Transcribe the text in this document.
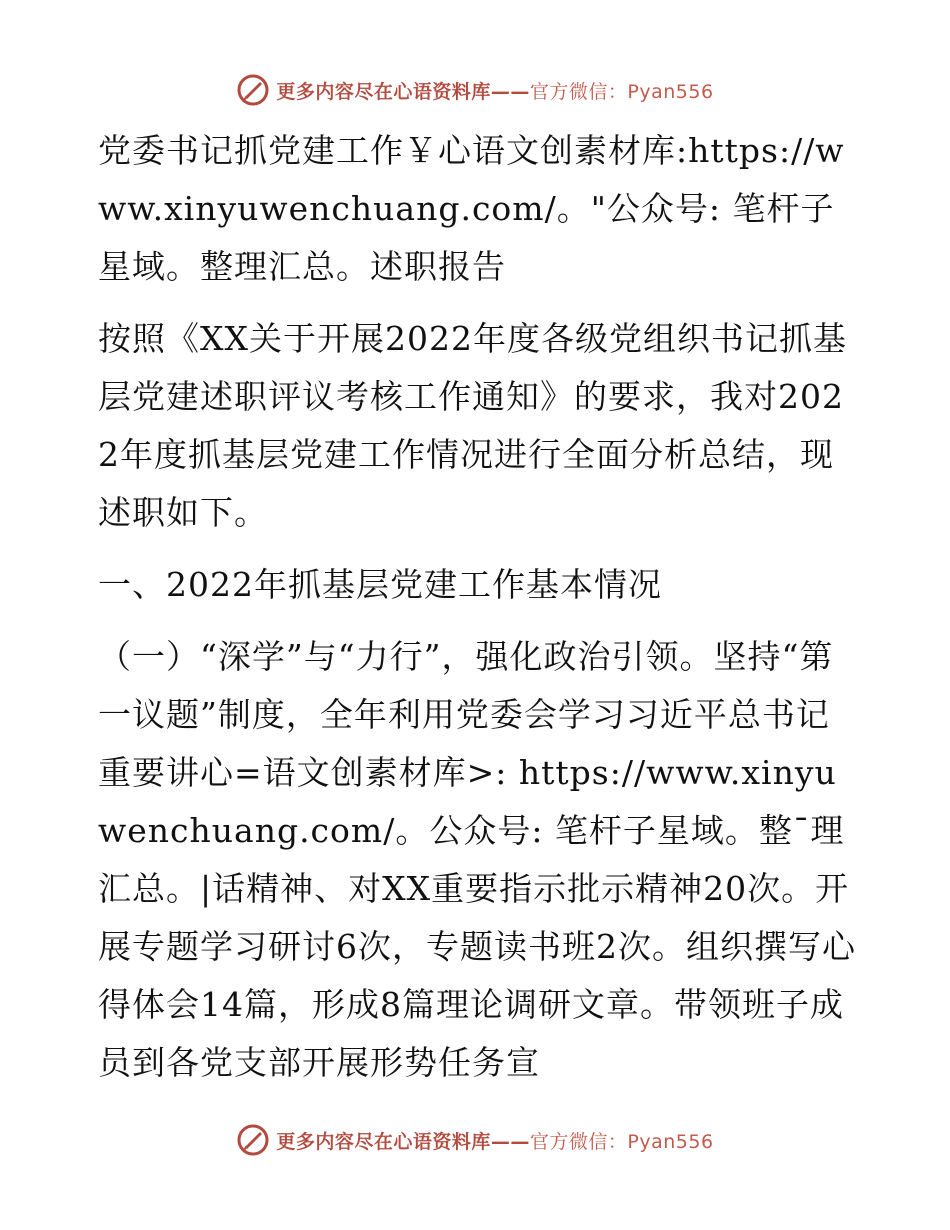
更多内容尽在心语资料库——官方微信：Pyan556

党委书记抓党建工作￥心语文创素材库:https://www.xinyuwenchuang.com/。"公众号: 笔杆子星域。整理汇总。述职报告

按照《XX关于开展2022年度各级党组织书记抓基层党建述职评议考核工作通知》的要求，我对2022年度抓基层党建工作情况进行全面分析总结，现述职如下。

一、2022年抓基层党建工作基本情况

（一）“深学”与“力行”，强化政治引领。坚持“第一议题”制度，全年利用党委会学习习近平总书记重要讲心=语文创素材库>: https://www.xinyuwenchuang.com/。公众号: 笔杆子星域。整¯理汇总。|话精神、对XX重要指示批示精神20次。开展专题学习研讨6次，专题读书班2次。组织撰写心得体会14篇，形成8篇理论调研文章。带领班子成员到各党支部开展形势任务宣

更多内容尽在心语资料库——官方微信：Pyan556
